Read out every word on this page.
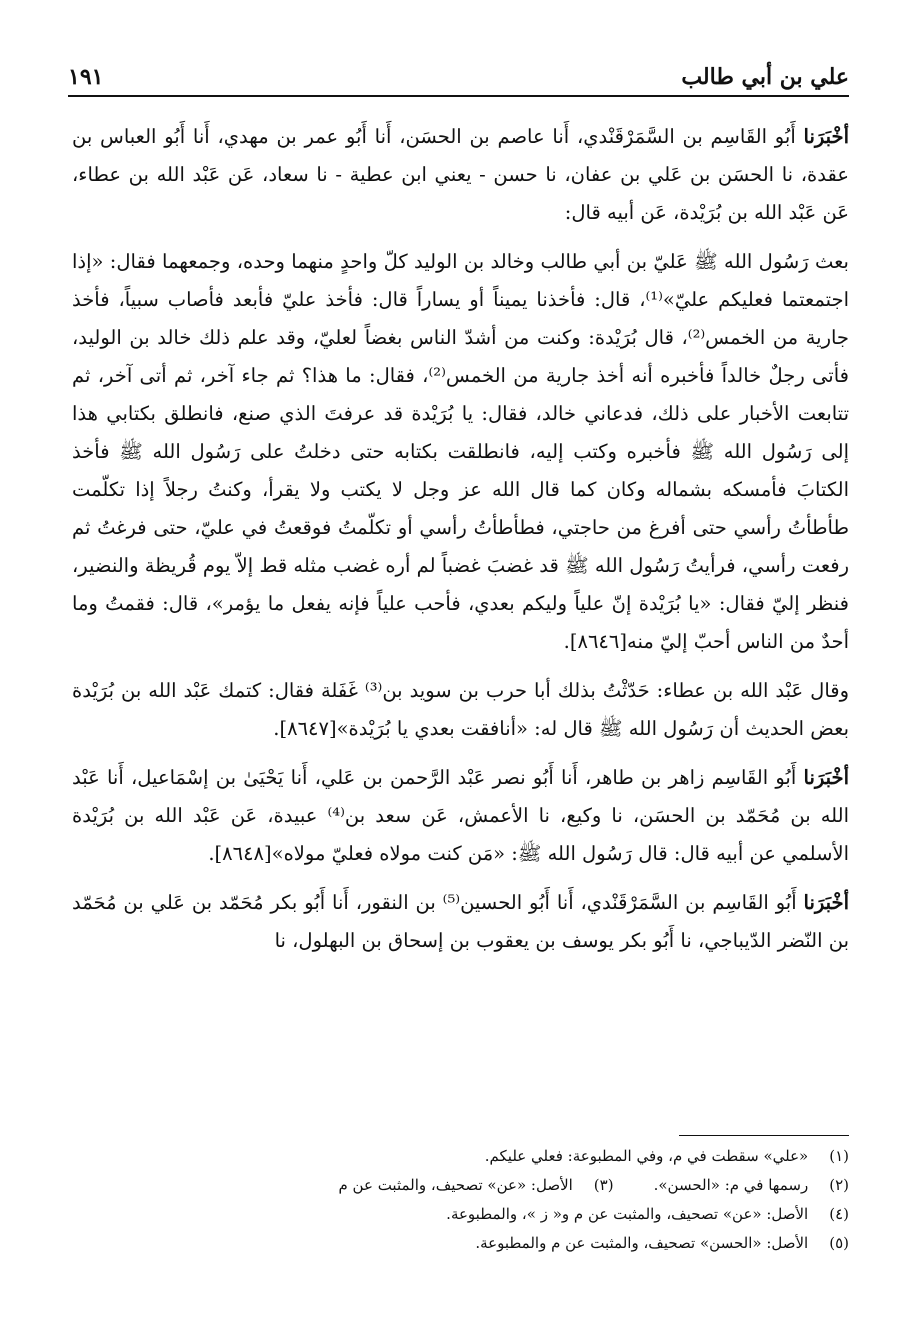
علي بن أبي طالب
١٩١

أخْبَرَنا أَبُو القَاسِم بن السَّمَرْقَنْدي، أَنا عاصم بن الحسَن، أَنا أَبُو عمر بن مهدي، أَنا أَبُو العباس بن عقدة، نا الحسَن بن عَلي بن عفان، نا حسن - يعني ابن عطية - نا سعاد، عَن عَبْد الله بن عطاء، عَن عَبْد الله بن بُرَيْدة، عَن أبيه قال:

بعث رَسُول الله ﷺ عَليّ بن أبي طالب وخالد بن الوليد كلّ واحدٍ منهما وحده، وجمعهما فقال: «إذا اجتمعتما فعليكم عليّ»⁽¹⁾، قال: فأخذنا يميناً أو يساراً قال: فأخذ عليّ فأبعد فأصاب سبياً، فأخذ جارية من الخمس⁽²⁾، قال بُرَيْدة: وكنت من أشدّ الناس بغضاً لعليّ، وقد علم ذلك خالد بن الوليد، فأتى رجلٌ خالداً فأخبره أنه أخذ جارية من الخمس⁽²⁾، فقال: ما هذا؟ ثم جاء آخر، ثم أتى آخر، ثم تتابعت الأخبار على ذلك، فدعاني خالد، فقال: يا بُرَيْدة قد عرفتَ الذي صنع، فانطلق بكتابي هذا إلى رَسُول الله ﷺ فأخبره وكتب إليه، فانطلقت بكتابه حتى دخلتُ على رَسُول الله ﷺ فأخذ الكتابَ فأمسكه بشماله وكان كما قال الله عز وجل لا يكتب ولا يقرأ، وكنتُ رجلاً إذا تكلّمت طأطأتُ رأسي حتى أفرغ من حاجتي، فطأطأتُ رأسي أو تكلّمتُ فوقعتُ في عليّ، حتى فرغتُ ثم رفعت رأسي، فرأيتُ رَسُول الله ﷺ قد غضبَ غضباً لم أره غضب مثله قط إلاّ يوم قُريظة والنضير، فنظر إليّ فقال: «يا بُرَيْدة إنّ علياً وليكم بعدي، فأحب علياً فإنه يفعل ما يؤمر»، قال: فقمتُ وما أحدٌ من الناس أحبّ إليّ منه[٨٦٤٦].

وقال عَبْد الله بن عطاء: حَدّثْتُ بذلك أبا حرب بن سويد بن⁽³⁾ غَفَلة فقال: كتمك عَبْد الله بن بُرَيْدة بعض الحديث أن رَسُول الله ﷺ قال له: «أنافقت بعدي يا بُرَيْدة»[٨٦٤٧].

أخْبَرَنا أَبُو القَاسِم زاهر بن طاهر، أَنا أَبُو نصر عَبْد الرَّحمن بن عَلي، أَنا يَحْيَىٰ بن إسْمَاعيل، أَنا عَبْد الله بن مُحَمّد بن الحسَن، نا وكيع، نا الأعمش، عَن سعد بن⁽⁴⁾ عبيدة، عَن عَبْد الله بن بُرَيْدة الأسلمي عن أبيه قال: قال رَسُول الله ﷺ: «مَن كنت مولاه فعليّ مولاه»[٨٦٤٨].

أخْبَرَنا أَبُو القَاسِم بن السَّمَرْقَنْدي، أَنا أَبُو الحسين⁽⁵⁾ بن النقور، أَنا أَبُو بكر مُحَمّد بن عَلي بن مُحَمّد بن النّضر الدّيباجي، نا أَبُو بكر يوسف بن يعقوب بن إسحاق بن البهلول، نا

(١) «علي» سقطت في م، وفي المطبوعة: فعلي عليكم.
(٢) رسمها في م: «الحسن».
(٣) الأصل: «عن» تصحيف، والمثبت عن م
(٤) الأصل: «عن» تصحيف، والمثبت عن م و« ز »، والمطبوعة.
(٥) الأصل: «الحسن» تصحيف، والمثبت عن م والمطبوعة.
